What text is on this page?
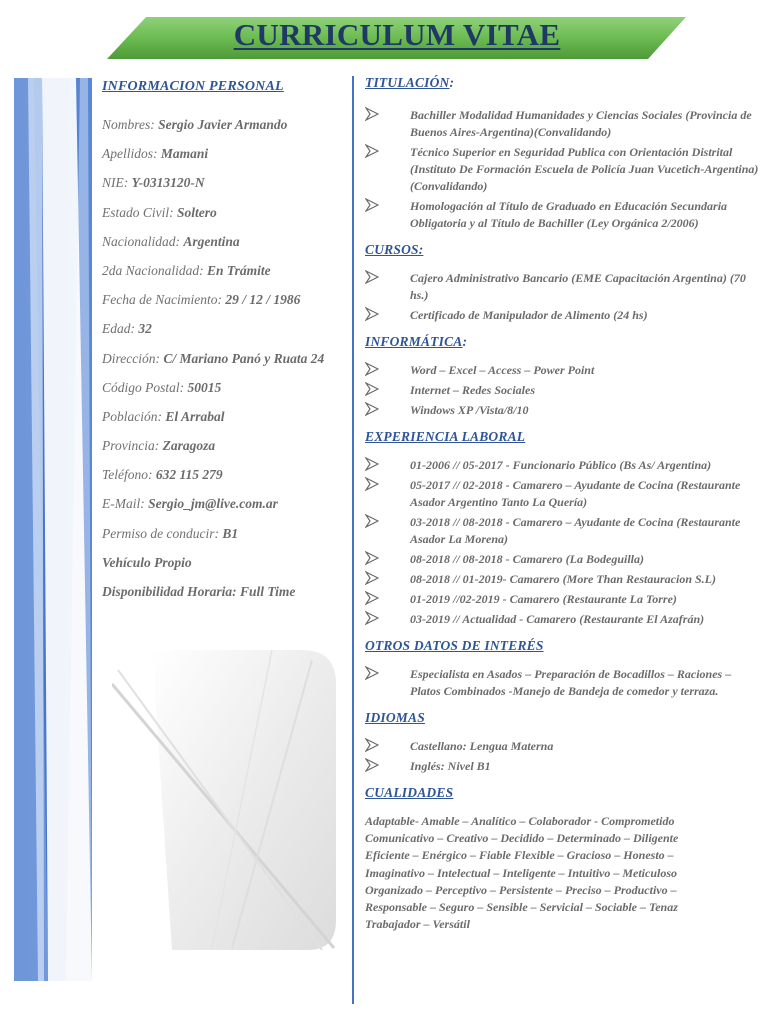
CURRICULUM VITAE
INFORMACION PERSONAL
Nombres: Sergio Javier Armando
Apellidos: Mamani
NIE: Y-0313120-N
Estado Civil: Soltero
Nacionalidad: Argentina
2da Nacionalidad: En Trámite
Fecha de Nacimiento: 29 / 12 / 1986
Edad: 32
Dirección: C/ Mariano Panó y Ruata 24
Código Postal: 50015
Población: El Arrabal
Provincia: Zaragoza
Teléfono: 632 115 279
E-Mail: Sergio_jm@live.com.ar
Permiso de conducir: B1
Vehículo Propio
Disponibilidad Horaria: Full Time
TITULACIÓN:
Bachiller Modalidad Humanidades y Ciencias Sociales (Provincia de Buenos Aires-Argentina)(Convalidando)
Técnico Superior en Seguridad Publica con Orientación Distrital (Instituto De Formación Escuela de Policía Juan Vucetich-Argentina)(Convalidando)
Homologación al Título de Graduado en Educación Secundaria Obligatoria y al Título de Bachiller (Ley Orgánica 2/2006)
CURSOS:
Cajero Administrativo Bancario (EME Capacitación Argentina) (70 hs.)
Certificado de Manipulador de Alimento (24 hs)
INFORMÁTICA:
Word – Excel – Access – Power Point
Internet – Redes Sociales
Windows XP /Vista/8/10
EXPERIENCIA LABORAL
01-2006 // 05-2017 - Funcionario Público (Bs As/ Argentina)
05-2017 // 02-2018 - Camarero – Ayudante de Cocina (Restaurante Asador Argentino Tanto La Quería)
03-2018 // 08-2018 - Camarero – Ayudante de Cocina (Restaurante Asador La Morena)
08-2018 // 08-2018 - Camarero (La Bodeguilla)
08-2018 // 01-2019- Camarero (More Than Restauracion S.L)
01-2019 //02-2019 - Camarero (Restaurante La Torre)
03-2019 // Actualidad - Camarero (Restaurante El Azafrán)
OTROS DATOS DE INTERÉS
Especialista en Asados – Preparación de Bocadillos – Raciones – Platos Combinados -Manejo de Bandeja de comedor y terraza.
IDIOMAS
Castellano: Lengua Materna
Inglés: Nivel B1
CUALIDADES
Adaptable- Amable – Analítico – Colaborador - Comprometido Comunicativo – Creativo – Decidido – Determinado – Diligente Eficiente – Enérgico – Fiable Flexible – Gracioso – Honesto – Imaginativo – Intelectual – Inteligente – Intuitivo – Meticuloso Organizado – Perceptivo – Persistente – Preciso – Productivo – Responsable – Seguro – Sensible – Servicial – Sociable – Tenaz Trabajador – Versátil
